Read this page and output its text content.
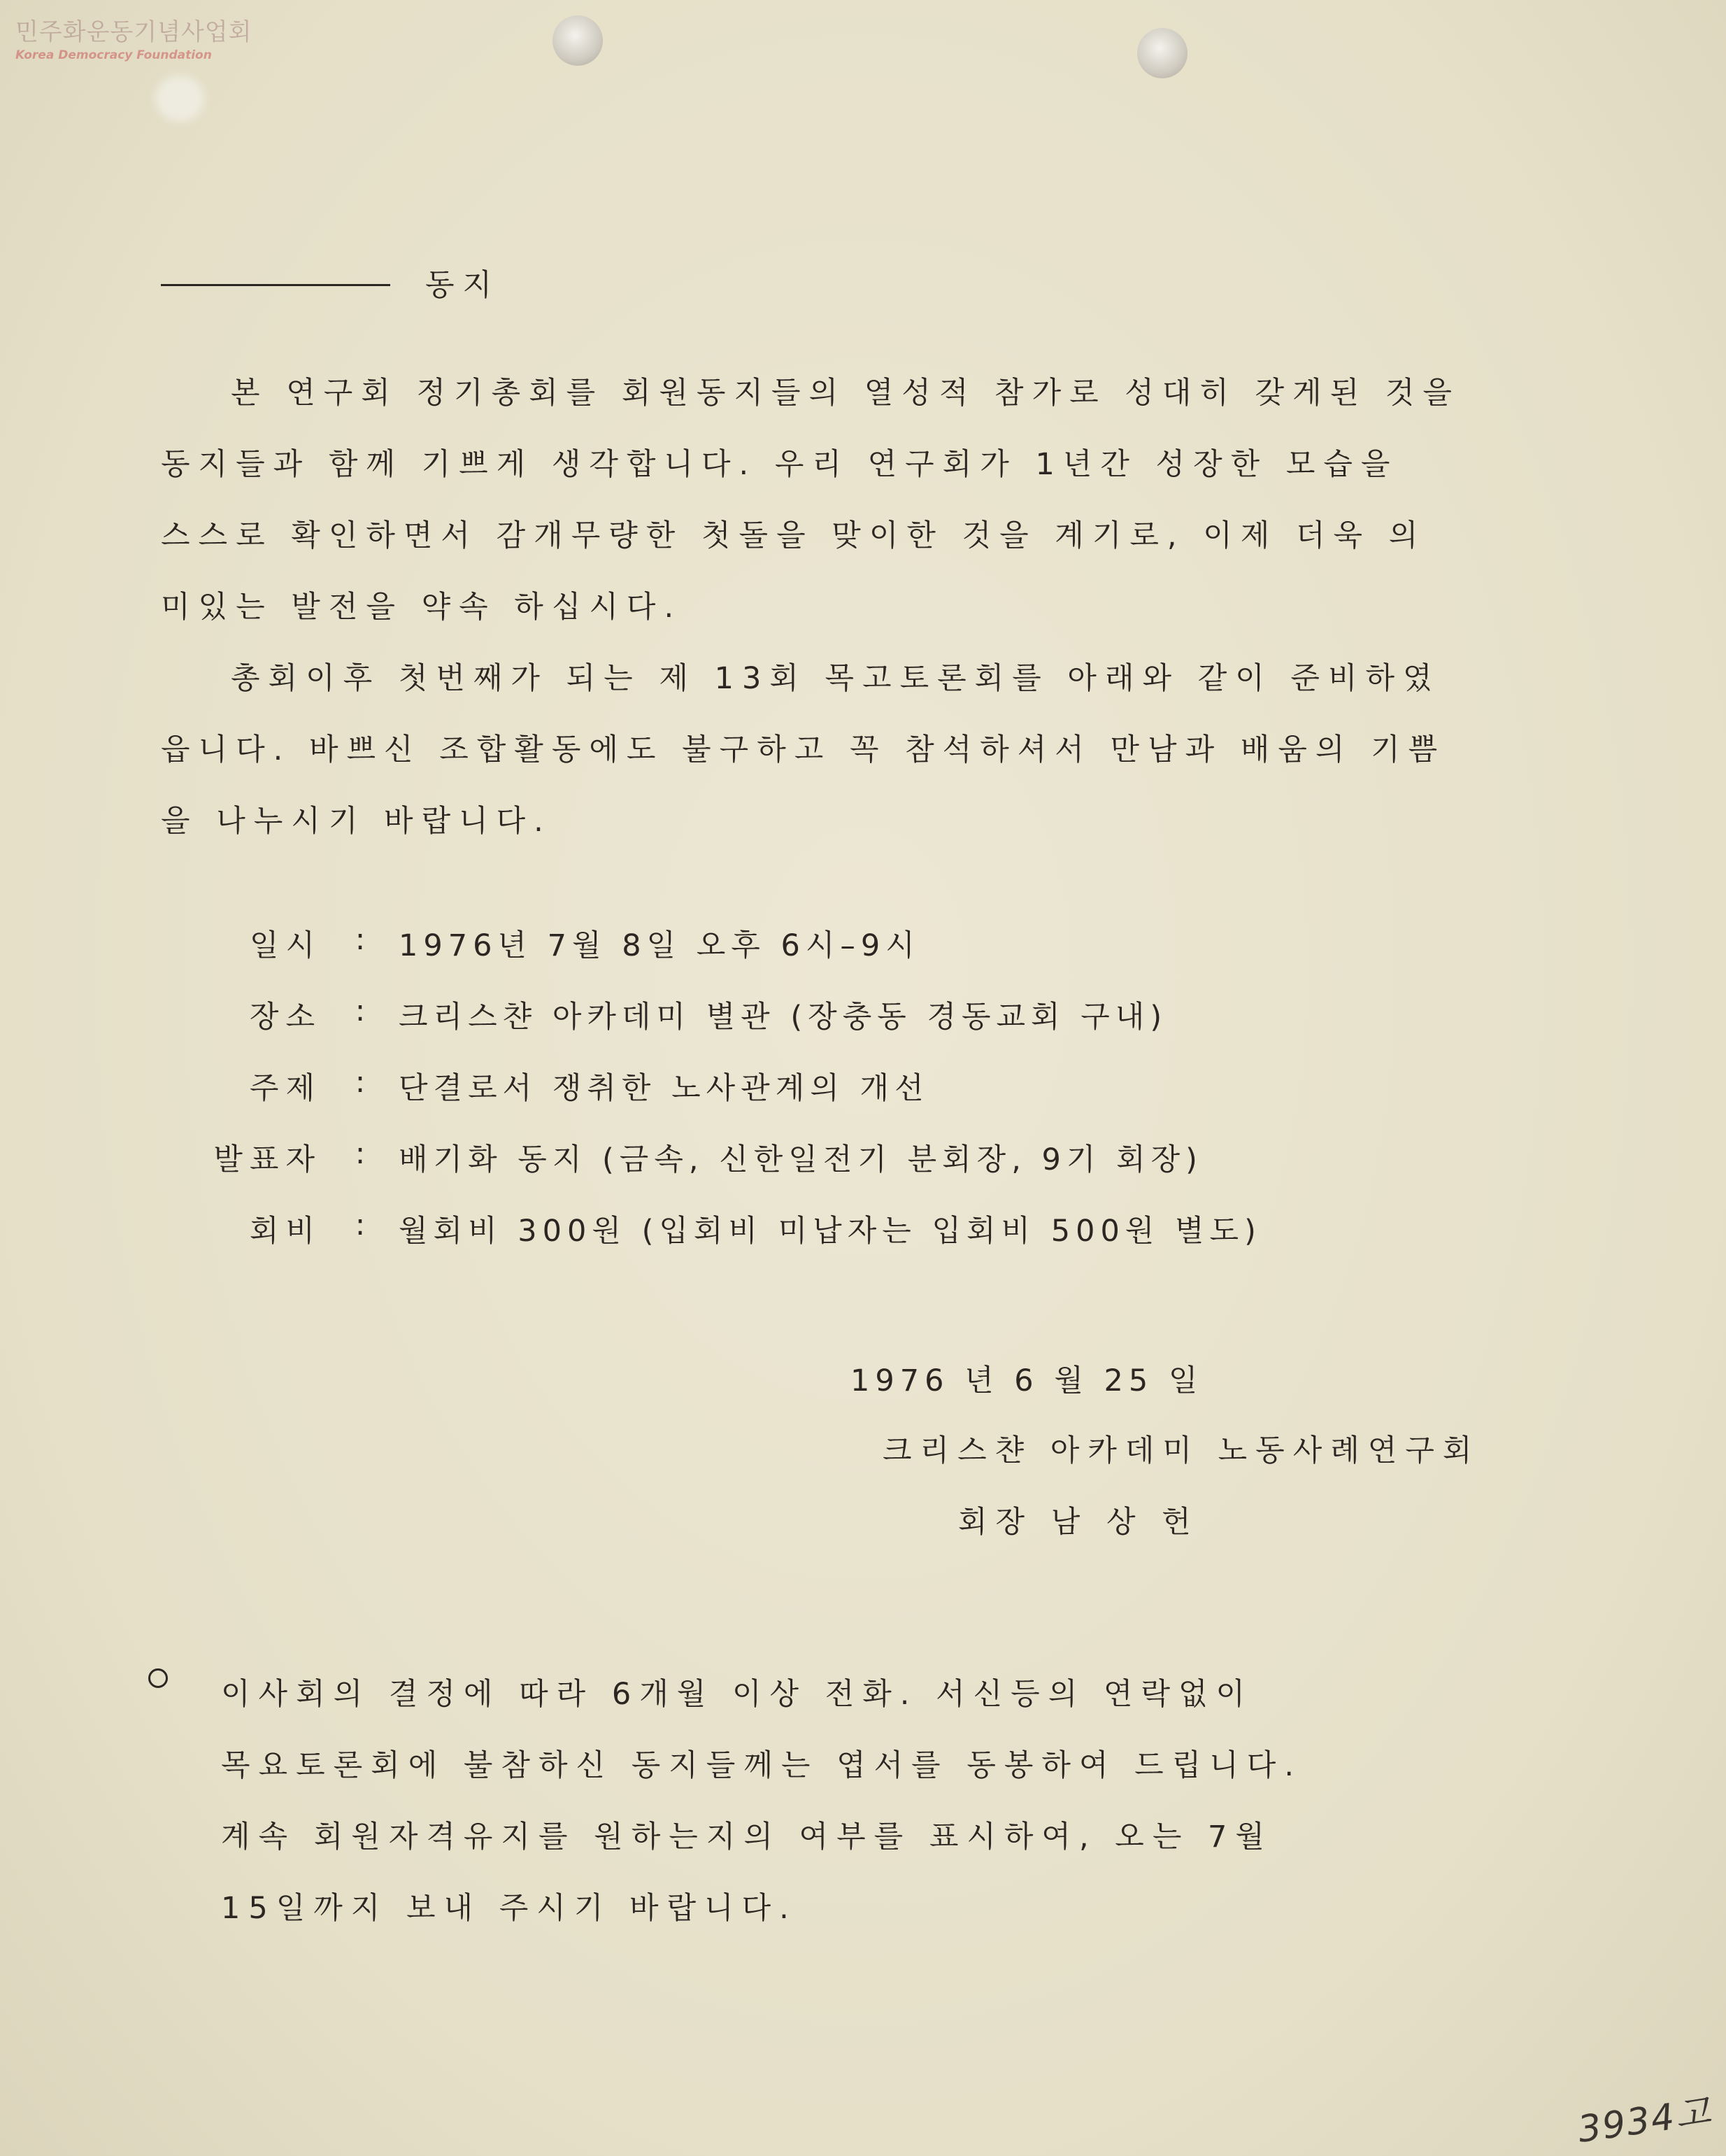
민주화운동기념사업회
Korea Democracy Foundation
동지
본 연구회 정기총회를 회원동지들의 열성적 참가로 성대히 갖게된 것을
동지들과 함께 기쁘게 생각합니다. 우리 연구회가 1년간 성장한 모습을
스스로 확인하면서 감개무량한 첫돌을 맞이한 것을 계기로, 이제 더욱 의
미있는 발전을 약속 하십시다.
총회이후 첫번째가 되는 제 13회 목고토론회를 아래와 같이 준비하였
읍니다. 바쁘신 조합활동에도 불구하고 꼭 참석하셔서 만남과 배움의 기쁨
을 나누시기 바랍니다.
일시	:	1976년 7월 8일 오후 6시–9시
장소	:	크리스챤 아카데미 별관 (장충동 경동교회 구내)
주제	:	단결로서 쟁취한 노사관계의 개선
발표자	:	배기화 동지 (금속, 신한일전기 분회장, 9기 회장)
회비	:	월회비 300원 (입회비 미납자는 입회비 500원 별도)
1976 년 6 월 25 일
크리스챤 아카데미 노동사례연구회
회장 남 상 헌
이사회의 결정에 따라 6개월 이상 전화. 서신등의 연락없이
목요토론회에 불참하신 동지들께는 엽서를 동봉하여 드립니다.
계속 회원자격유지를 원하는지의 여부를 표시하여, 오는 7월
15일까지 보내 주시기 바랍니다.
3934고
